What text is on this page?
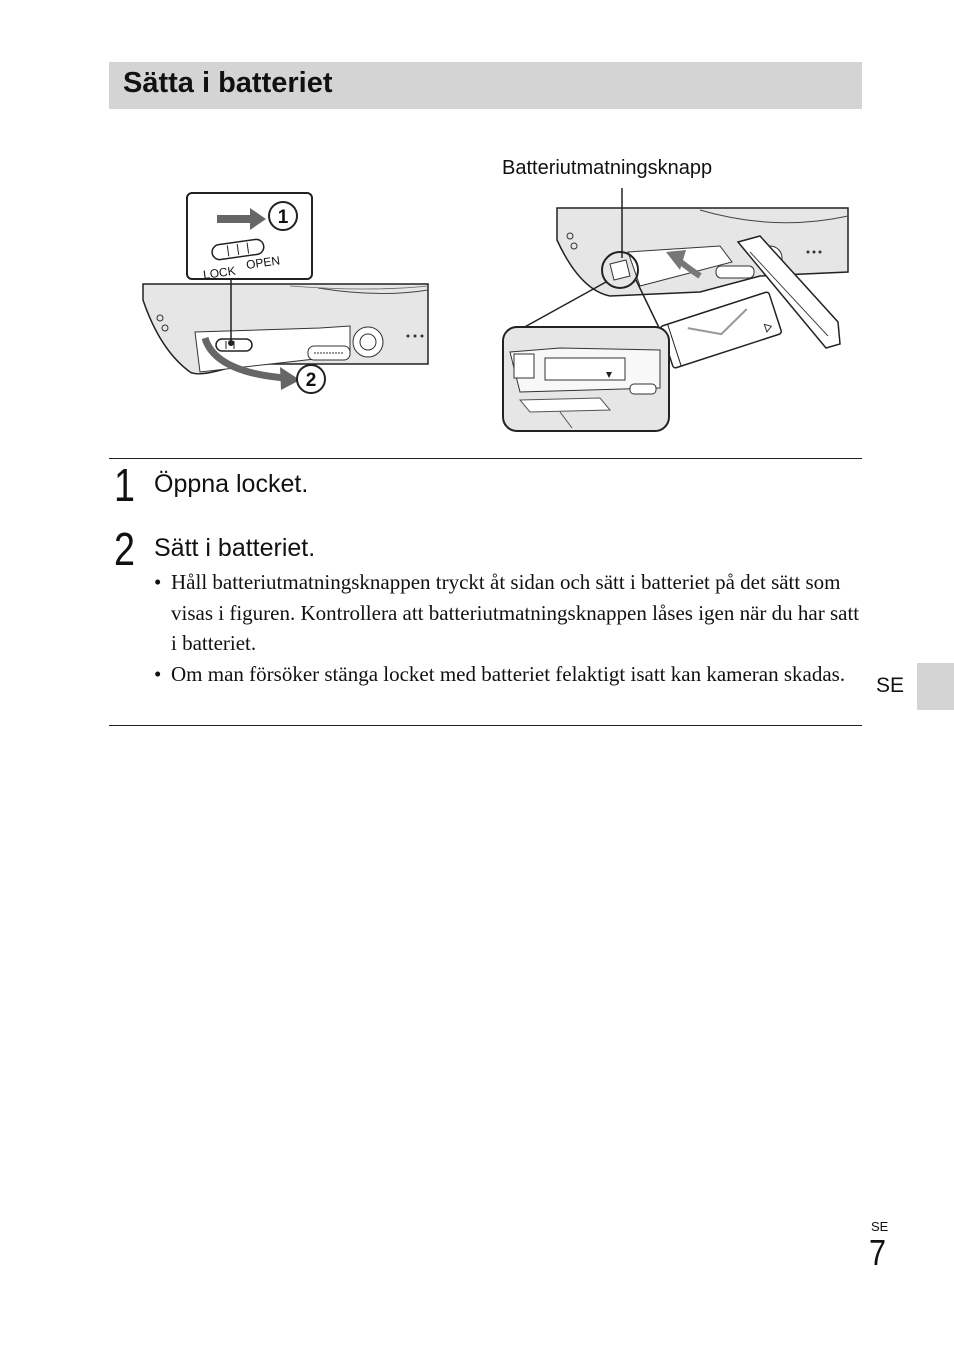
Sätta i batteriet
2
1
LOCK
OPEN
Batteriutmatningsknapp
1 Öppna locket.
2 Sätt i batteriet.
• Håll batteriutmatningsknappen tryckt åt sidan och sätt i batteriet på det sätt som visas i figuren. Kontrollera att batteriutmatningsknappen låses igen när du har satt i batteriet.
• Om man försöker stänga locket med batteriet felaktigt isatt kan kameran skadas.	SE
SE
7
